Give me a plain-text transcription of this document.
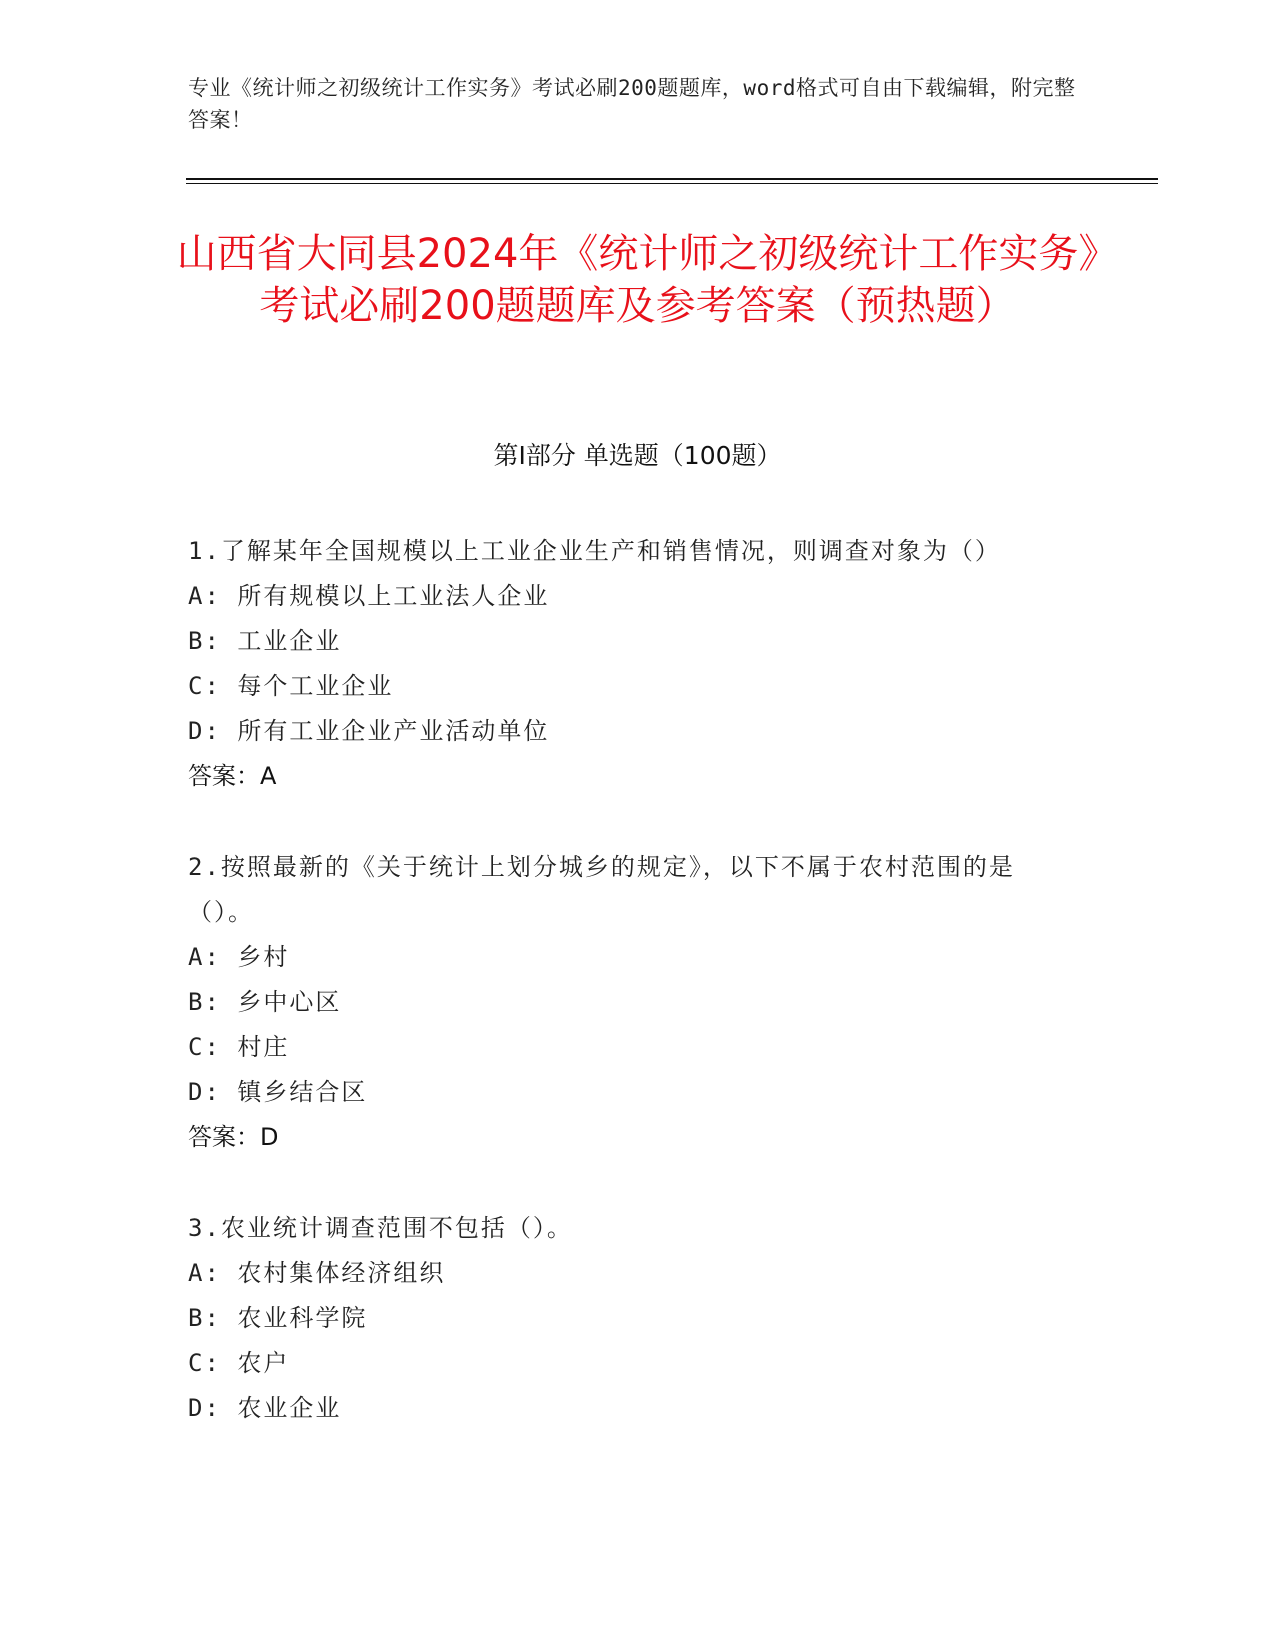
专业《统计师之初级统计工作实务》考试必刷200题题库，word格式可自由下载编辑，附完整答案！
山西省大同县2024年《统计师之初级统计工作实务》考试必刷200题题库及参考答案（预热题）
第Ⅰ部分 单选题（100题）
1.了解某年全国规模以上工业企业生产和销售情况，则调查对象为（）
A: 所有规模以上工业法人企业
B: 工业企业
C: 每个工业企业
D: 所有工业企业产业活动单位
答案：A
2.按照最新的《关于统计上划分城乡的规定》，以下不属于农村范围的是（）。
A: 乡村
B: 乡中心区
C: 村庄
D: 镇乡结合区
答案：D
3.农业统计调查范围不包括（）。
A: 农村集体经济组织
B: 农业科学院
C: 农户
D: 农业企业
